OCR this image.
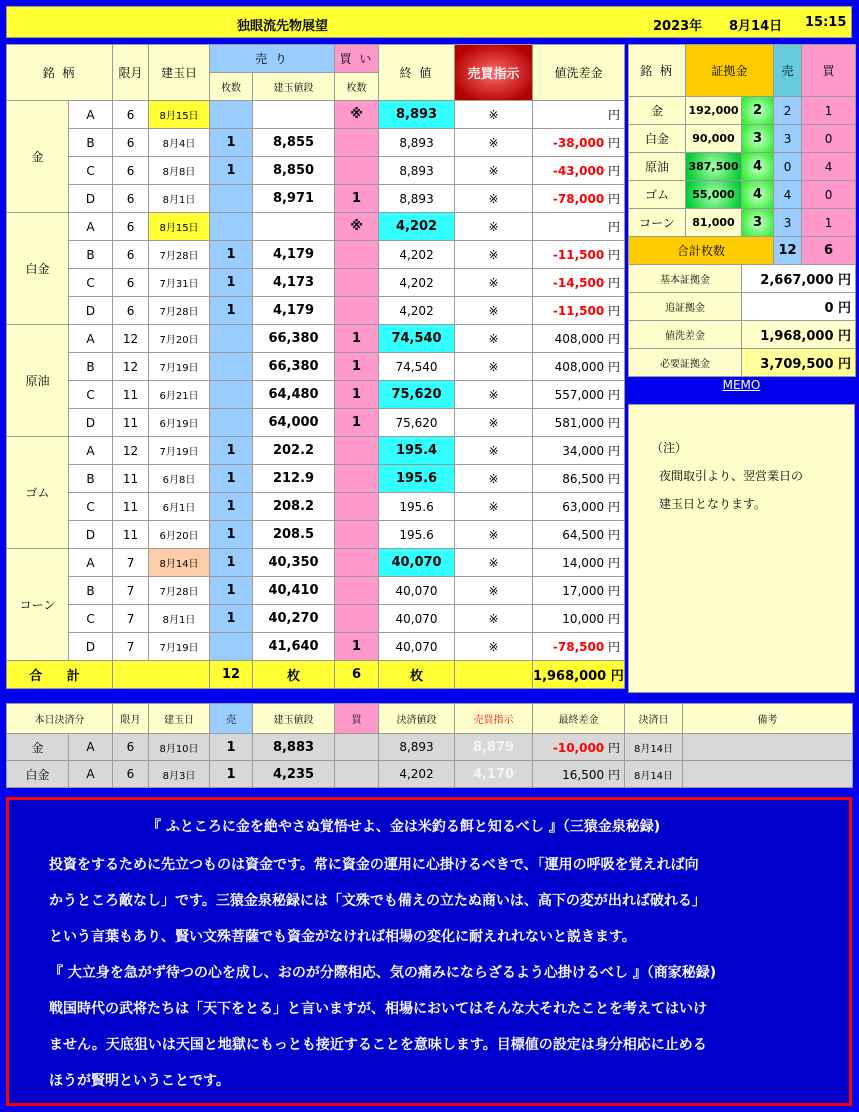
独眼流先物展望	2023年 8月14日 15:15
銘 柄		限月	建玉日	売 り		買 い	終 値	売買指示	値洗差金
				枚数	建玉値段	枚数			
金	A	6	8月15日			※	8,893	※	円
	B	6	8月4日	1	8,855		8,893	※	-38,000 円
	C	6	8月8日	1	8,850		8,893	※	-43,000 円
	D	6	8月1日		8,971	1	8,893	※	-78,000 円
白金	A	6	8月15日			※	4,202	※	円
	B	6	7月28日	1	4,179		4,202	※	-11,500 円
	C	6	7月31日	1	4,173		4,202	※	-14,500 円
	D	6	7月28日	1	4,179		4,202	※	-11,500 円
原油	A	12	7月20日		66,380	1	74,540	※	408,000 円
	B	12	7月19日		66,380	1	74,540	※	408,000 円
	C	11	6月21日		64,480	1	75,620	※	557,000 円
	D	11	6月19日		64,000	1	75,620	※	581,000 円
ゴム	A	12	7月19日	1	202.2		195.4	※	34,000 円
	B	11	6月8日	1	212.9		195.6	※	86,500 円
	C	11	6月1日	1	208.2		195.6	※	63,000 円
	D	11	6月20日	1	208.5		195.6	※	64,500 円
コーン	A	7	8月14日	1	40,350		40,070	※	14,000 円
	B	7	7月28日	1	40,410		40,070	※	17,000 円
	C	7	8月1日	1	40,270		40,070	※	10,000 円
	D	7	7月19日		41,640	1	40,070	※	-78,500 円
合 計				12	枚	6	枚		1,968,000 円
銘 柄	証拠金		売	買
金	192,000	2	2	1
白金	90,000	3	3	0
原油	387,500	4	0	4
ゴム	55,000	4	4	0
コーン	81,000	3	3	1
合計枚数			12	6
基本証拠金		2,667,000 円		
追証拠金		0 円		
値洗差金		1,968,000 円		
必要証拠金		3,709,500 円		
MEMO
（注）
夜間取引より、翌営業日の
建玉日となります。
本日決済分		限月	建玉日	売	建玉値段	買	決済値段	売買指示	最終差金	決済日	備考
金	A	6	8月10日	1	8,883		8,893	8,879	-10,000 円	8月14日	
白金	A	6	8月3日	1	4,235		4,202	4,170	16,500 円	8月14日	
『 ふところに金を絶やさぬ覚悟せよ、金は米釣る餌と知るべし 』（三猿金泉秘録)
投資をするために先立つものは資金です。常に資金の運用に心掛けるべきで、「運用の呼吸を覚えれば向
かうところ敵なし」です。三猿金泉秘録には「文殊でも備えの立たぬ商いは、高下の変が出れば破れる」
という言葉もあり、賢い文殊菩薩でも資金がなければ相場の変化に耐えれれないと説きます。
『 大立身を急がず待つの心を成し、おのが分際相応、気の痛みにならざるよう心掛けるべし 』（商家秘録)
戦国時代の武将たちは「天下をとる」と言いますが、相場においてはそんな大それたことを考えてはいけ
ません。天底狙いは天国と地獄にもっとも接近することを意味します。目標値の設定は身分相応に止める
ほうが賢明ということです。
